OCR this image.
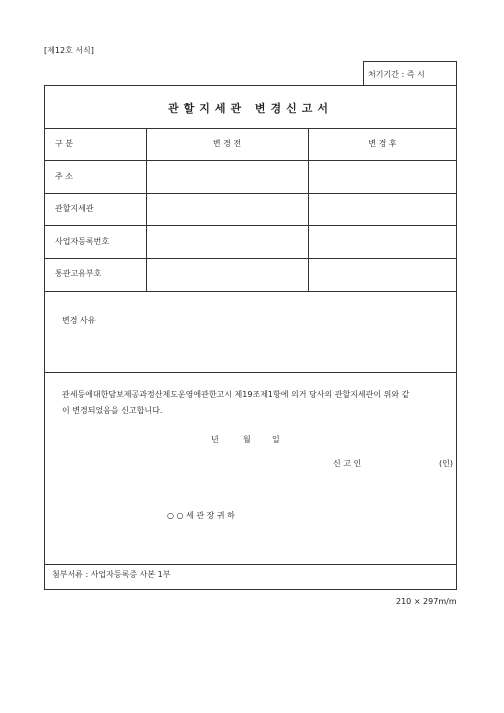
[제12호 서식]
처기기간 : 즉 시
관할지세관 변경신고서
구 분	변 경 전	변 경 후
주 소
관할지세관
사업자등록번호
통관고유부호
변경 사유
관세등에대한담보제공과정산제도운영에관한고시 제19조제1항에 의거 당사의 관할지세관이 위와 같
이 변경되었음을 신고합니다.
년	월	일
신 고 인	(인)
○ ○ 세 관 장 귀 하
첨부서류 : 사업자등록증 사본 1부
210 × 297m/m
